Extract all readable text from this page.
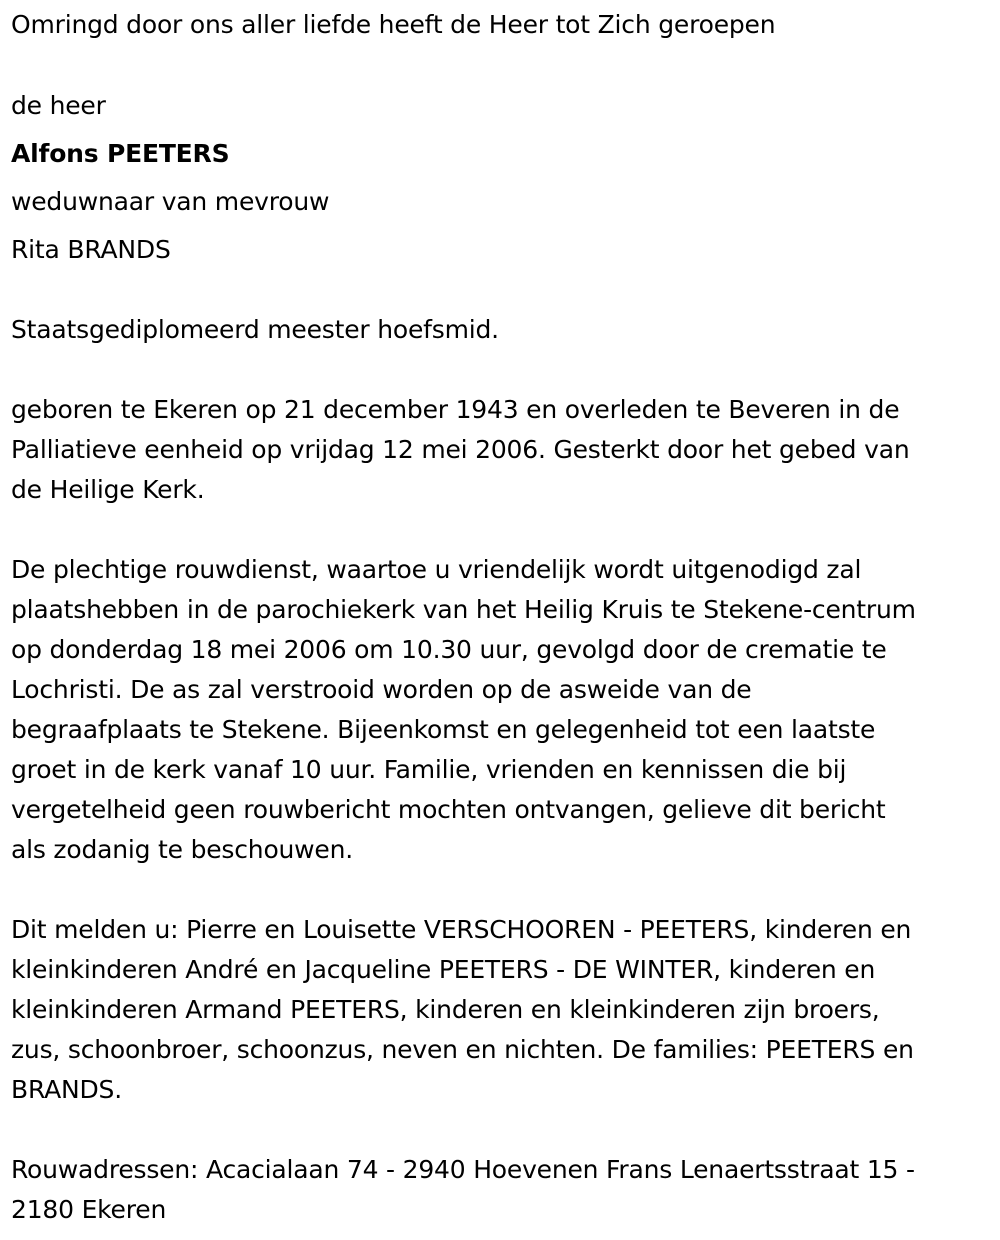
Omringd door ons aller liefde heeft de Heer tot Zich geroepen
de heer
Alfons PEETERS
weduwnaar van mevrouw
Rita BRANDS
Staatsgediplomeerd meester hoefsmid.
geboren te Ekeren op 21 december 1943 en overleden te Beveren in de
Palliatieve eenheid op vrijdag 12 mei 2006. Gesterkt door het gebed van
de Heilige Kerk.
De plechtige rouwdienst, waartoe u vriendelijk wordt uitgenodigd zal
plaatshebben in de parochiekerk van het Heilig Kruis te Stekene-centrum
op donderdag 18 mei 2006 om 10.30 uur, gevolgd door de crematie te
Lochristi. De as zal verstrooid worden op de asweide van de
begraafplaats te Stekene. Bijeenkomst en gelegenheid tot een laatste
groet in de kerk vanaf 10 uur. Familie, vrienden en kennissen die bij
vergetelheid geen rouwbericht mochten ontvangen, gelieve dit bericht
als zodanig te beschouwen.
Dit melden u: Pierre en Louisette VERSCHOOREN - PEETERS, kinderen en
kleinkinderen André en Jacqueline PEETERS - DE WINTER, kinderen en
kleinkinderen Armand PEETERS, kinderen en kleinkinderen zijn broers,
zus, schoonbroer, schoonzus, neven en nichten. De families: PEETERS en
BRANDS.
Rouwadressen: Acacialaan 74 - 2940 Hoevenen Frans Lenaertsstraat 15 -
2180 Ekeren
